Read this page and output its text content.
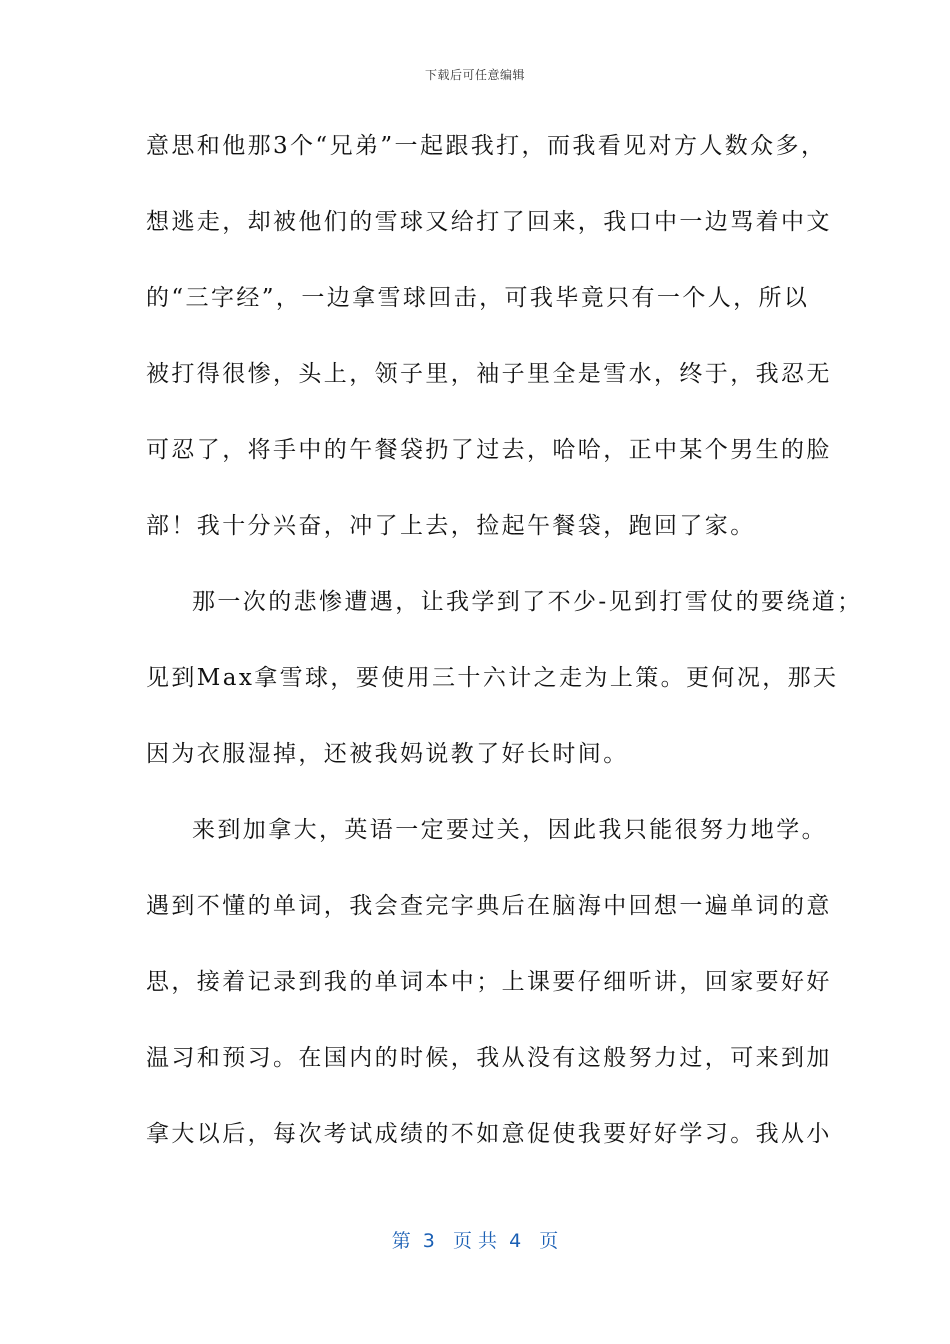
下载后可任意编辑
意思和他那3个“兄弟”一起跟我打，而我看见对方人数众多，
想逃走，却被他们的雪球又给打了回来，我口中一边骂着中文
的“三字经”，一边拿雪球回击，可我毕竟只有一个人，所以
被打得很惨，头上，领子里，袖子里全是雪水，终于，我忍无
可忍了，将手中的午餐袋扔了过去，哈哈，正中某个男生的脸
部！我十分兴奋，冲了上去，捡起午餐袋，跑回了家。
那一次的悲惨遭遇，让我学到了不少-见到打雪仗的要绕道；
见到Max拿雪球，要使用三十六计之走为上策。更何况，那天
因为衣服湿掉，还被我妈说教了好长时间。
来到加拿大，英语一定要过关，因此我只能很努力地学。
遇到不懂的单词，我会查完字典后在脑海中回想一遍单词的意
思，接着记录到我的单词本中；上课要仔细听讲，回家要好好
温习和预习。在国内的时候，我从没有这般努力过，可来到加
拿大以后，每次考试成绩的不如意促使我要好好学习。我从小
第  3   页 共  4   页
